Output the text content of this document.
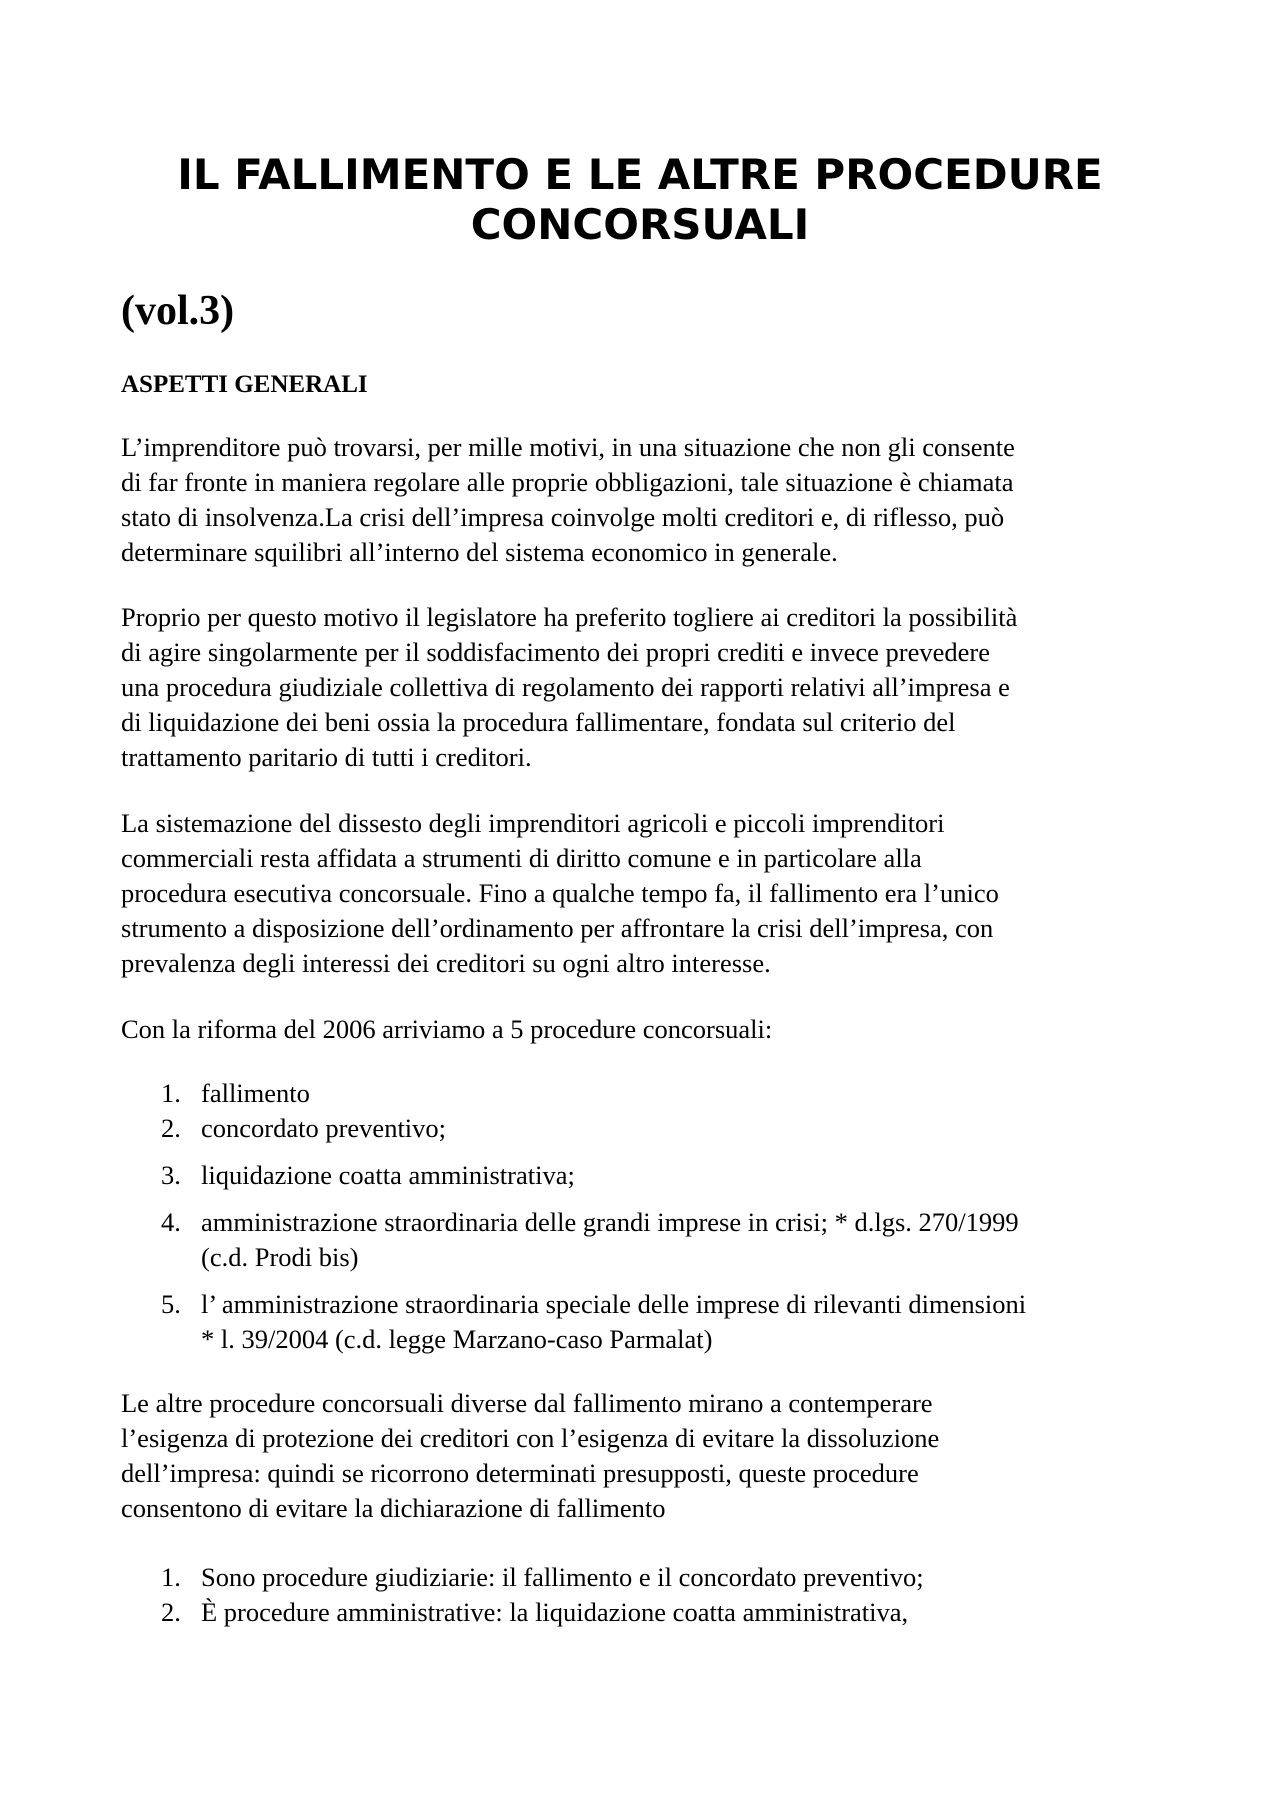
IL FALLIMENTO E LE ALTRE PROCEDURE CONCORSUALI
(vol.3)
ASPETTI GENERALI

L’imprenditore può trovarsi, per mille motivi, in una situazione che non gli consente
di far fronte in maniera regolare alle proprie obbligazioni, tale situazione è chiamata
stato di insolvenza.La crisi dell’impresa coinvolge molti creditori e, di riflesso, può
determinare squilibri all’interno del sistema economico in generale.

Proprio per questo motivo il legislatore ha preferito togliere ai creditori la possibilità
di agire singolarmente per il soddisfacimento dei propri crediti e invece prevedere
una procedura giudiziale collettiva di regolamento dei rapporti relativi all’impresa e
di liquidazione dei beni ossia la procedura fallimentare, fondata sul criterio del
trattamento paritario di tutti i creditori.

La sistemazione del dissesto degli imprenditori agricoli e piccoli imprenditori
commerciali resta affidata a strumenti di diritto comune e in particolare alla
procedura esecutiva concorsuale. Fino a qualche tempo fa, il fallimento era l’unico
strumento a disposizione dell’ordinamento per affrontare la crisi dell’impresa, con
prevalenza degli interessi dei creditori su ogni altro interesse.

Con la riforma del 2006 arriviamo a 5 procedure concorsuali:

1. fallimento
2. concordato preventivo;
3. liquidazione coatta amministrativa;
4. amministrazione straordinaria delle grandi imprese in crisi; * d.lgs. 270/1999
(c.d. Prodi bis)
5. l’ amministrazione straordinaria speciale delle imprese di rilevanti dimensioni
* l. 39/2004 (c.d. legge Marzano-caso Parmalat)

Le altre procedure concorsuali diverse dal fallimento mirano a contemperare
l’esigenza di protezione dei creditori con l’esigenza di evitare la dissoluzione
dell’impresa: quindi se ricorrono determinati presupposti, queste procedure
consentono di evitare la dichiarazione di fallimento

1. Sono procedure giudiziarie: il fallimento e il concordato preventivo;
2. È procedure amministrative: la liquidazione coatta amministrativa,
